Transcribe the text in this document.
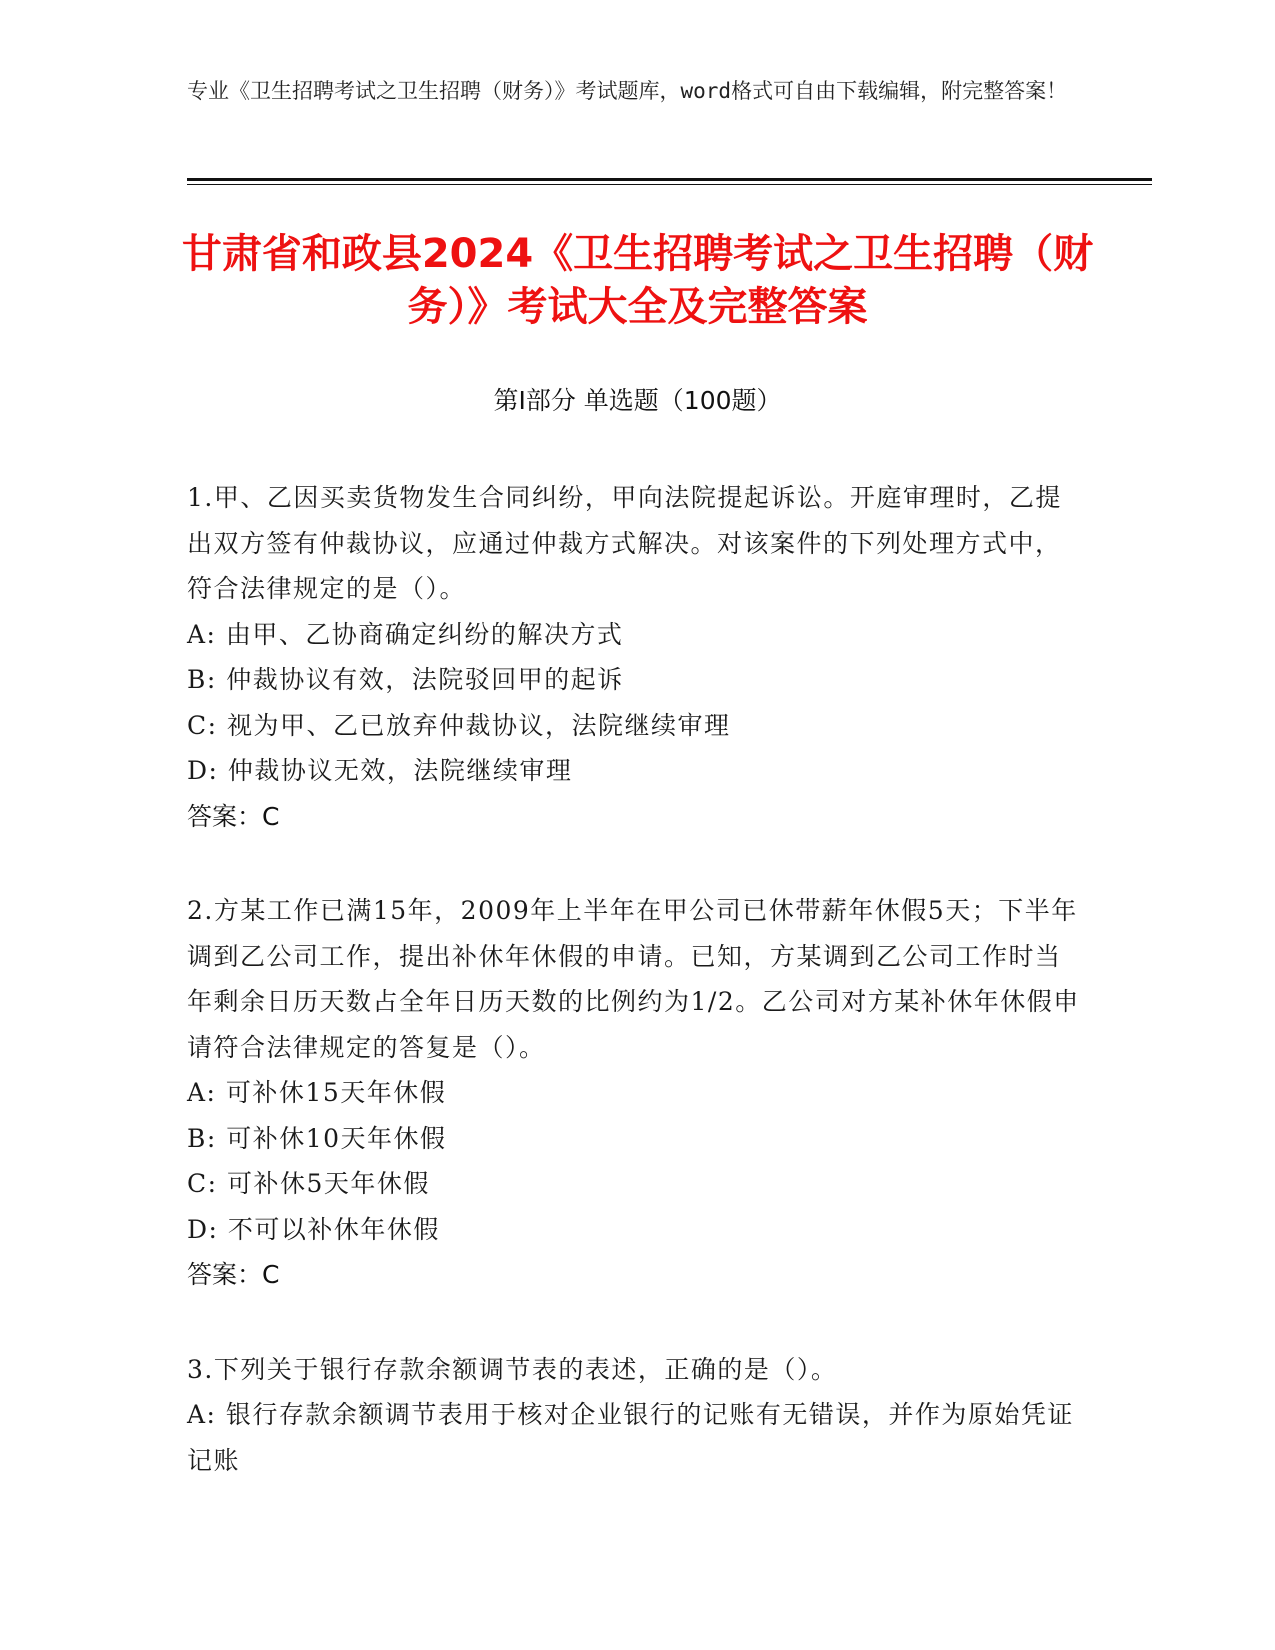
专业《卫生招聘考试之卫生招聘（财务）》考试题库，word格式可自由下载编辑，附完整答案！
甘肃省和政县2024《卫生招聘考试之卫生招聘（财务）》考试大全及完整答案
第I部分 单选题（100题）

1.甲、乙因买卖货物发生合同纠纷，甲向法院提起诉讼。开庭审理时，乙提出双方签有仲裁协议，应通过仲裁方式解决。对该案件的下列处理方式中，符合法律规定的是（）。

A: 由甲、乙协商确定纠纷的解决方式

B: 仲裁协议有效，法院驳回甲的起诉

C: 视为甲、乙已放弃仲裁协议，法院继续审理

D: 仲裁协议无效，法院继续审理

答案：C

2.方某工作已满15年，2009年上半年在甲公司已休带薪年休假5天；下半年调到乙公司工作，提出补休年休假的申请。已知，方某调到乙公司工作时当年剩余日历天数占全年日历天数的比例约为1/2。乙公司对方某补休年休假申请符合法律规定的答复是（）。

A: 可补休15天年休假

B: 可补休10天年休假

C: 可补休5天年休假

D: 不可以补休年休假

答案：C

3.下列关于银行存款余额调节表的表述，正确的是（）。

A: 银行存款余额调节表用于核对企业银行的记账有无错误，并作为原始凭证记账
